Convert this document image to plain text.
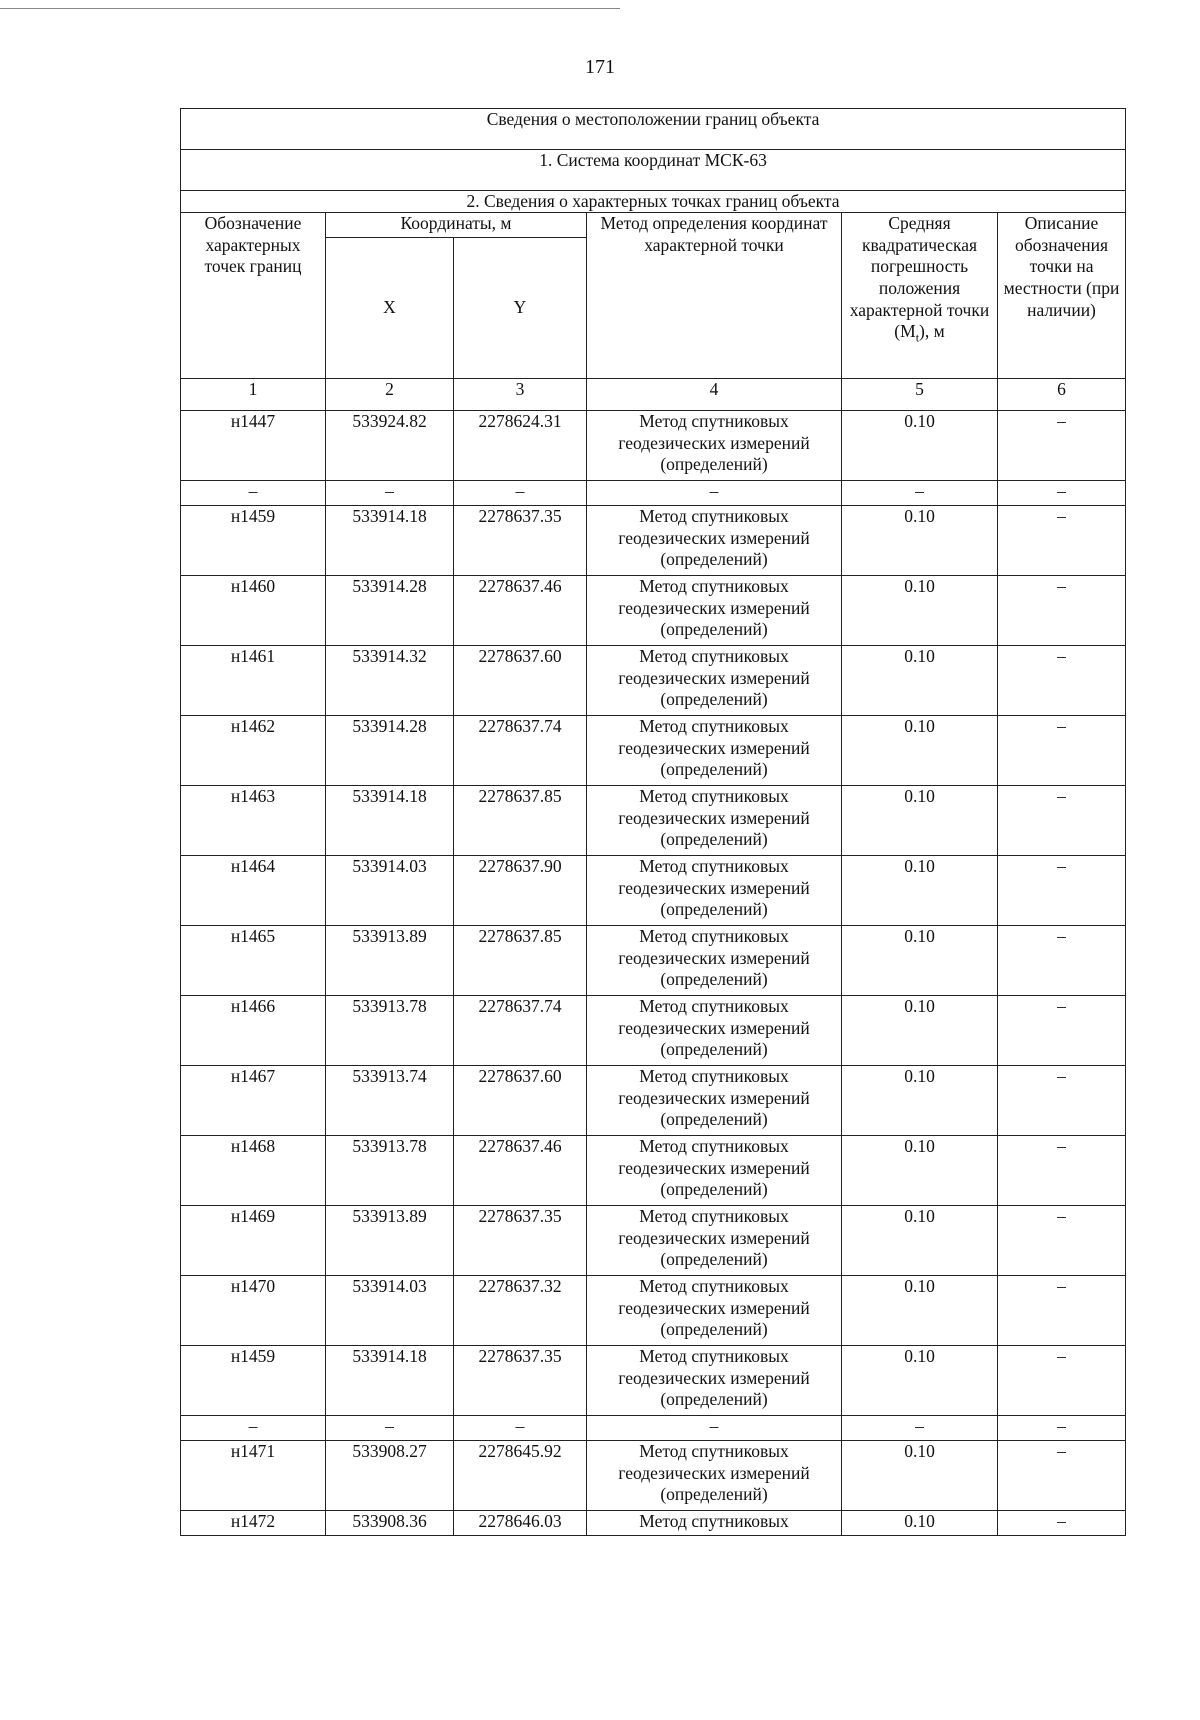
171
Сведения о местоположении границ объекта					
1. Система координат МСК-63					
2. Сведения о характерных точках границ объекта					
Обозначение характерных точек границ	Координаты, м		Метод определения координат характерной точки	Средняя квадратическая погрешность положения характерной точки $(M_t)$, м	Описание обозначения точки на местности (при наличии)
	X	Y			
1	2	3	4	5	6
н1447	533924.82	2278624.31	Метод спутниковых
геодезических измерений
(определений)	0.10	–
–	–	–	–	–	–
н1459	533914.18	2278637.35	Метод спутниковых
геодезических измерений
(определений)	0.10	–
н1460	533914.28	2278637.46	Метод спутниковых
геодезических измерений
(определений)	0.10	–
н1461	533914.32	2278637.60	Метод спутниковых
геодезических измерений
(определений)	0.10	–
н1462	533914.28	2278637.74	Метод спутниковых
геодезических измерений
(определений)	0.10	–
н1463	533914.18	2278637.85	Метод спутниковых
геодезических измерений
(определений)	0.10	–
н1464	533914.03	2278637.90	Метод спутниковых
геодезических измерений
(определений)	0.10	–
н1465	533913.89	2278637.85	Метод спутниковых
геодезических измерений
(определений)	0.10	–
н1466	533913.78	2278637.74	Метод спутниковых
геодезических измерений
(определений)	0.10	–
н1467	533913.74	2278637.60	Метод спутниковых
геодезических измерений
(определений)	0.10	–
н1468	533913.78	2278637.46	Метод спутниковых
геодезических измерений
(определений)	0.10	–
н1469	533913.89	2278637.35	Метод спутниковых
геодезических измерений
(определений)	0.10	–
н1470	533914.03	2278637.32	Метод спутниковых
геодезических измерений
(определений)	0.10	–
н1459	533914.18	2278637.35	Метод спутниковых
геодезических измерений
(определений)	0.10	–
–	–	–	–	–	–
н1471	533908.27	2278645.92	Метод спутниковых
геодезических измерений
(определений)	0.10	–
н1472	533908.36	2278646.03	Метод спутниковых	0.10	–
